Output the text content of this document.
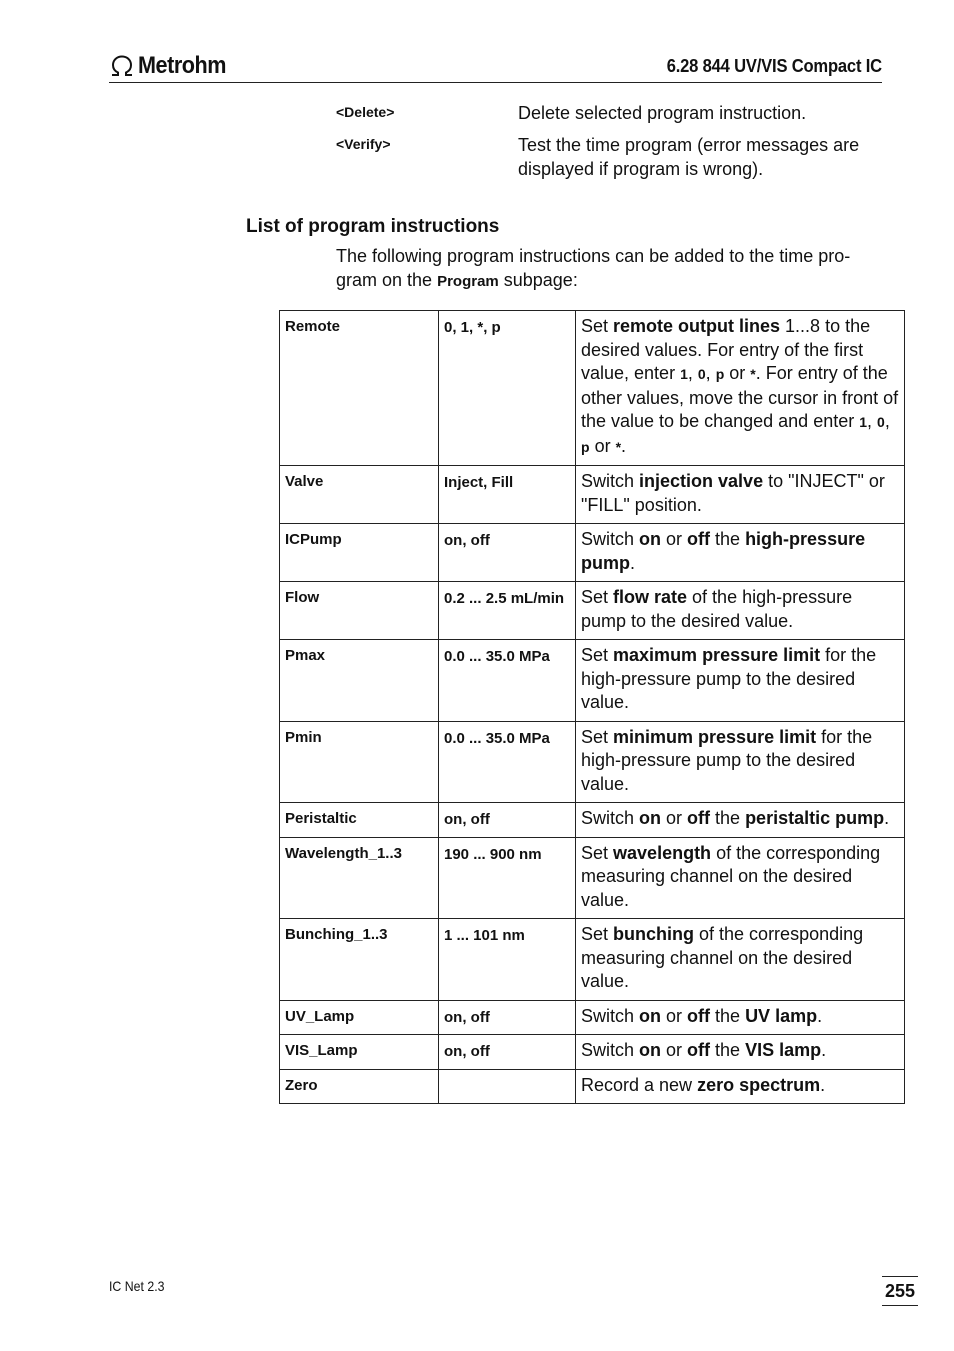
Metrohm	6.28 844 UV/VIS Compact IC
<Delete>	Delete selected program instruction.
<Verify>	Test the time program (error messages are displayed if program is wrong).
List of program instructions
The following program instructions can be added to the time pro-gram on the Program subpage:
Remote	0, 1, *, p	Set remote output lines 1...8 to the desired values. For entry of the first value, enter 1, 0, p or *. For entry of the other values, move the cursor in front of the value to be changed and enter 1, 0, p or *.
Valve	Inject, Fill	Switch injection valve to "INJECT" or "FILL" position.
ICPump	on, off	Switch on or off the high-pressure pump.
Flow	0.2 ... 2.5 mL/min	Set flow rate of the high-pressure pump to the desired value.
Pmax	0.0 ... 35.0 MPa	Set maximum pressure limit for the high-pressure pump to the desired value.
Pmin	0.0 ... 35.0 MPa	Set minimum pressure limit for the high-pressure pump to the desired value.
Peristaltic	on, off	Switch on or off the peristaltic pump.
Wavelength_1..3	190 ... 900 nm	Set wavelength of the corresponding measuring channel on the desired value.
Bunching_1..3	1 ... 101 nm	Set bunching of the corresponding measuring channel on the desired value.
UV_Lamp	on, off	Switch on or off the UV lamp.
VIS_Lamp	on, off	Switch on or off the VIS lamp.
Zero		Record a new zero spectrum.
IC Net 2.3	255
